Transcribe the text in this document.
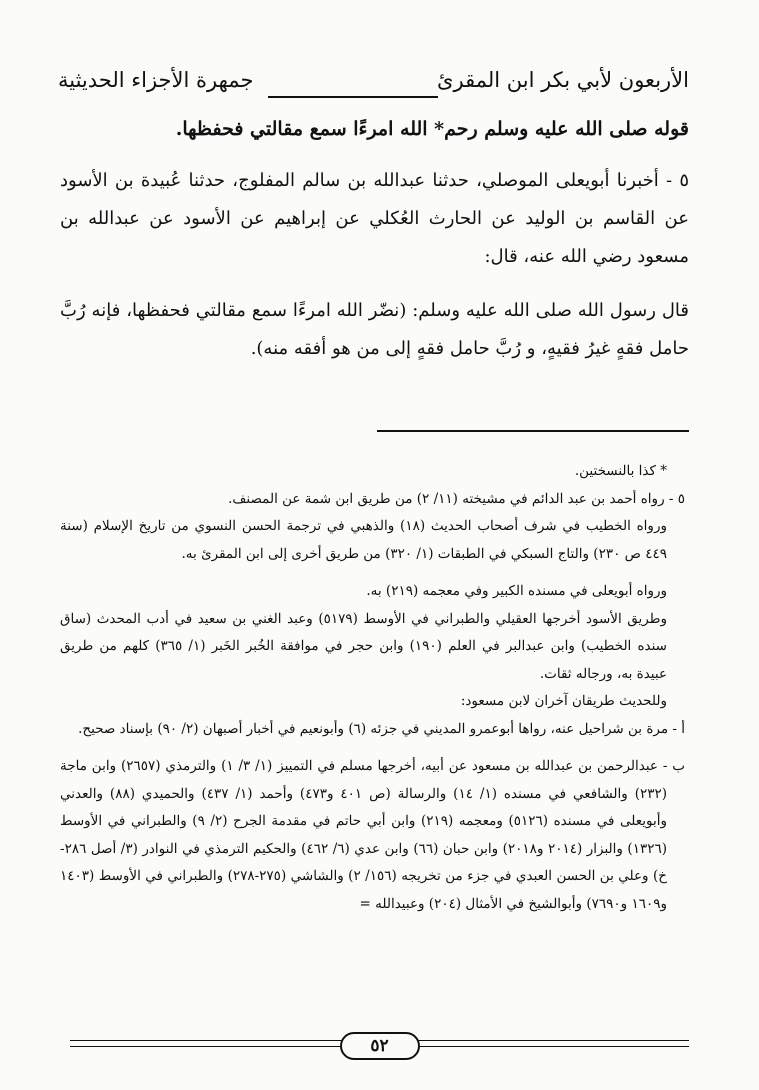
الأربعون لأبي بكر ابن المقرئ
جمهرة الأجزاء الحديثية
قوله صلى الله عليه وسلم رحم* الله امرءًا سمع مقالتي فحفظها.

٥ - أخبرنا أبويعلى الموصلي، حدثنا عبدالله بن سالم المفلوج، حدثنا عُبيدة بن الأسود عن القاسم بن الوليد عن الحارث العُكلي عن إبراهيم عن الأسود عن عبدالله بن مسعود رضي الله عنه، قال:

قال رسول الله صلى الله عليه وسلم: (نضّر الله امرءًا سمع مقالتي فحفظها، فإنه رُبَّ حامل فقهٍ غيرُ فقيهٍ، و رُبَّ حامل فقهٍ إلى من هو أفقه منه).

* كذا بالنسختين.

٥ - رواه أحمد بن عبد الدائم في مشيخته (١١/ ٢) من طريق ابن شمة عن المصنف.

ورواه الخطيب في شرف أصحاب الحديث (١٨) والذهبي في ترجمة الحسن النسوي من تاريخ الإسلام (سنة ٤٤٩ ص ٢٣٠) والتاج السبكي في الطبقات (١/ ٣٢٠) من طريق أخرى إلى ابن المقرئ به.

ورواه أبويعلى في مسنده الكبير وفي معجمه (٢١٩) به.

وطريق الأسود أخرجها العقيلي والطبراني في الأوسط (٥١٧٩) وعبد الغني بن سعيد في أدب المحدث (ساق سنده الخطيب) وابن عبدالبر في العلم (١٩٠) وابن حجر في موافقة الخُبر الخَبر (١/ ٣٦٥) كلهم من طريق عبيدة به، ورجاله ثقات.

وللحديث طريقان آخران لابن مسعود:

أ - مرة بن شراحيل عنه، رواها أبوعمرو المديني في جزئه (٦) وأبونعيم في أخبار أصبهان (٢/ ٩٠) بإسناد صحيح.

ب - عبدالرحمن بن عبدالله بن مسعود عن أبيه، أخرجها مسلم في التمييز (١/ ٣/ ١) والترمذي (٢٦٥٧) وابن ماجة (٢٣٢) والشافعي في مسنده (١/ ١٤) والرسالة (ص ٤٠١ و٤٧٣) وأحمد (١/ ٤٣٧) والحميدي (٨٨) والعدني وأبويعلى في مسنده (٥١٢٦) ومعجمه (٢١٩) وابن أبي حاتم في مقدمة الجرح (٢/ ٩) والطبراني في الأوسط (١٣٢٦) والبزار (٢٠١٤ و٢٠١٨) وابن حبان (٦٦) وابن عدي (٦/ ٤٦٢) والحكيم الترمذي في النوادر (٣/ أصل ٢٨٦-خ) وعلي بن الحسن العبدي في جزء من تخريجه (١٥٦/ ٢) والشاشي (٢٧٥-٢٧٨) والطبراني في الأوسط (١٤٠٣ و١٦٠٩ و٧٦٩٠) وأبوالشيخ في الأمثال (٢٠٤) وعبيدالله =

٥٢
